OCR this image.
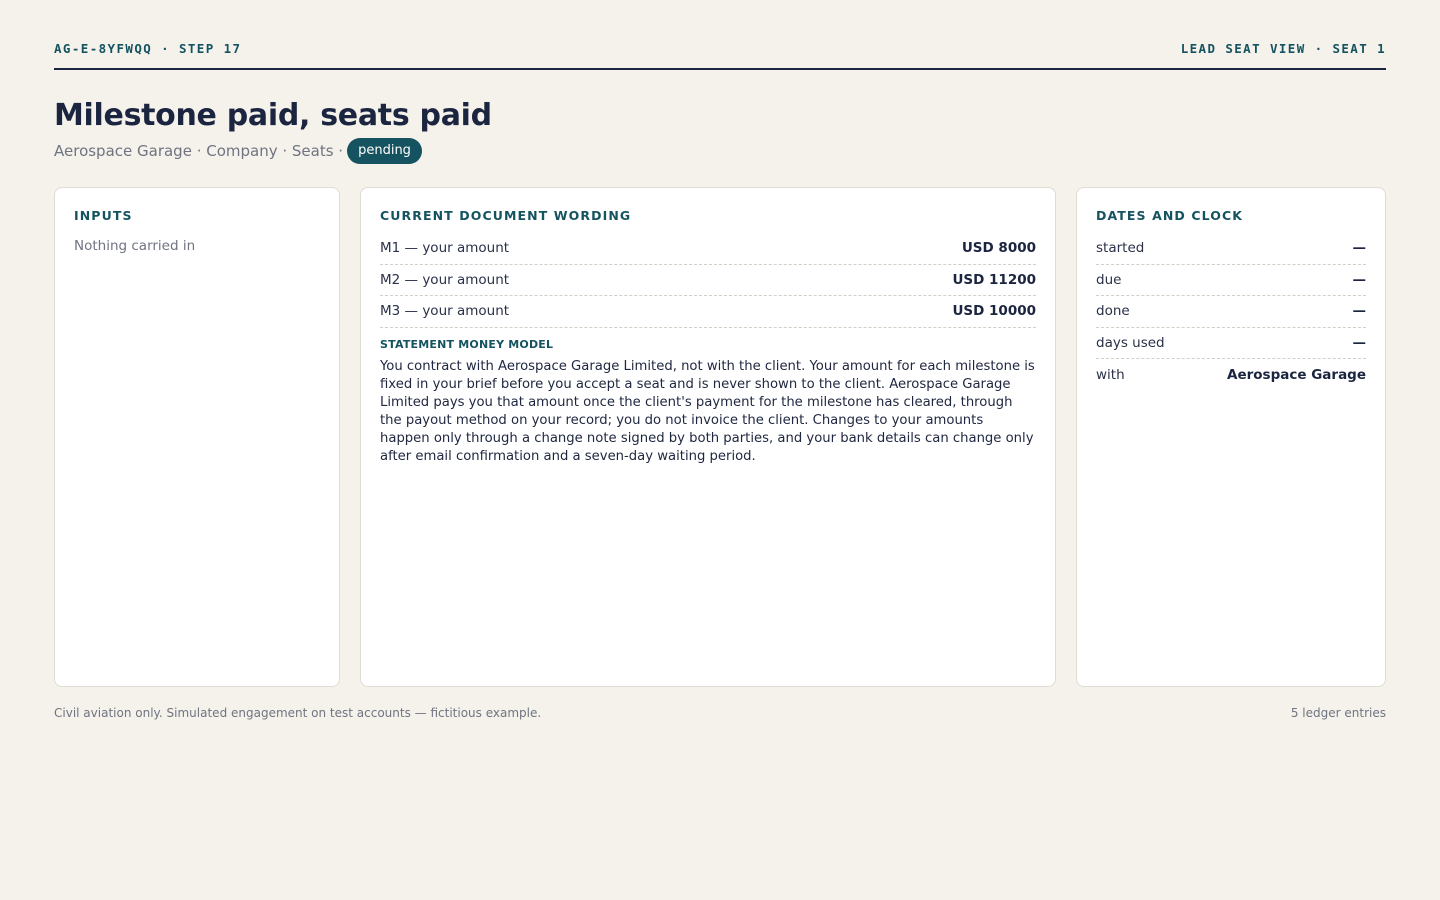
AG-E-8YFWQQ · STEP 17	LEAD SEAT VIEW · SEAT 1
Milestone paid, seats paid
Aerospace Garage · Company · Seats ·	pending
INPUTS
Nothing carried in
CURRENT DOCUMENT WORDING
M1 — your amount	USD 8000
M2 — your amount	USD 11200
M3 — your amount	USD 10000
STATEMENT MONEY MODEL

You contract with Aerospace Garage Limited, not with the client. Your amount for each milestone is fixed in your brief before you accept a seat and is never shown to the client. Aerospace Garage Limited pays you that amount once the client's payment for the milestone has cleared, through the payout method on your record; you do not invoice the client. Changes to your amounts happen only through a change note signed by both parties, and your bank details can change only after email confirmation and a seven-day waiting period.

DATES AND CLOCK
started	—
due	—
done	—
days used	—
with	Aerospace Garage
Civil aviation only. Simulated engagement on test accounts — fictitious example.	5 ledger entries
